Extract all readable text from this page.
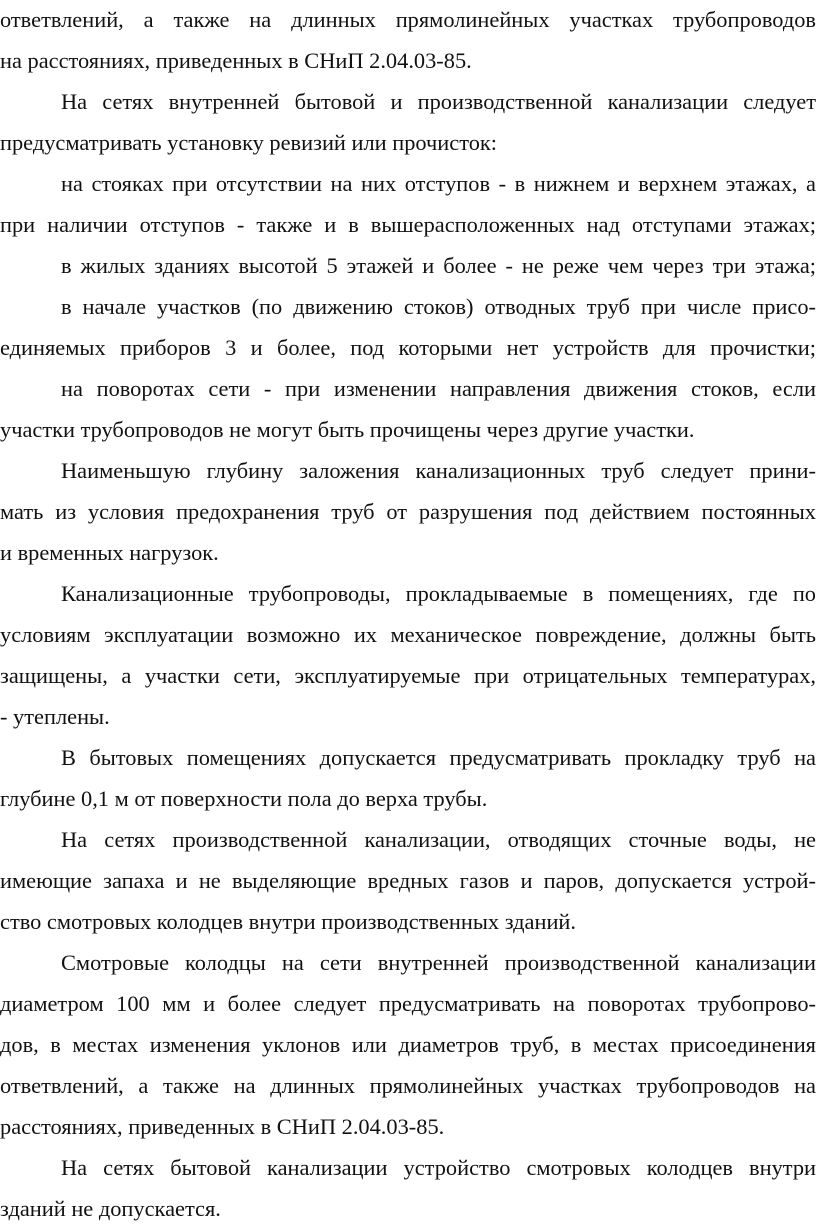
ответвлений, а также на длинных прямолинейных участках трубопроводов
на расстояниях, приведенных в СНиП 2.04.03-85.
На сетях внутренней бытовой и производственной канализации следует
предусматривать установку ревизий или прочисток:
на стояках при отсутствии на них отступов - в нижнем и верхнем этажах, а
при наличии отступов - также и в вышерасположенных над отступами этажах;
в жилых зданиях высотой 5 этажей и более - не реже чем через три этажа;
в начале участков (по движению стоков) отводных труб при числе присо-
единяемых приборов 3 и более, под которыми нет устройств для прочистки;
на поворотах сети - при изменении направления движения стоков, если
участки трубопроводов не могут быть прочищены через другие участки.
Наименьшую глубину заложения канализационных труб следует прини-
мать из условия предохранения труб от разрушения под действием постоянных
и временных нагрузок.
Канализационные трубопроводы, прокладываемые в помещениях, где по
условиям эксплуатации возможно их механическое повреждение, должны быть
защищены, а участки сети, эксплуатируемые при отрицательных температурах,
- утеплены.
В бытовых помещениях допускается предусматривать прокладку труб на
глубине 0,1 м от поверхности пола до верха трубы.
На сетях производственной канализации, отводящих сточные воды, не
имеющие запаха и не выделяющие вредных газов и паров, допускается устрой-
ство смотровых колодцев внутри производственных зданий.
Смотровые колодцы на сети внутренней производственной канализации
диаметром 100 мм и более следует предусматривать на поворотах трубопрово-
дов, в местах изменения уклонов или диаметров труб, в местах присоединения
ответвлений, а также на длинных прямолинейных участках трубопроводов на
расстояниях, приведенных в СНиП 2.04.03-85.
На сетях бытовой канализации устройство смотровых колодцев внутри
зданий не допускается.
